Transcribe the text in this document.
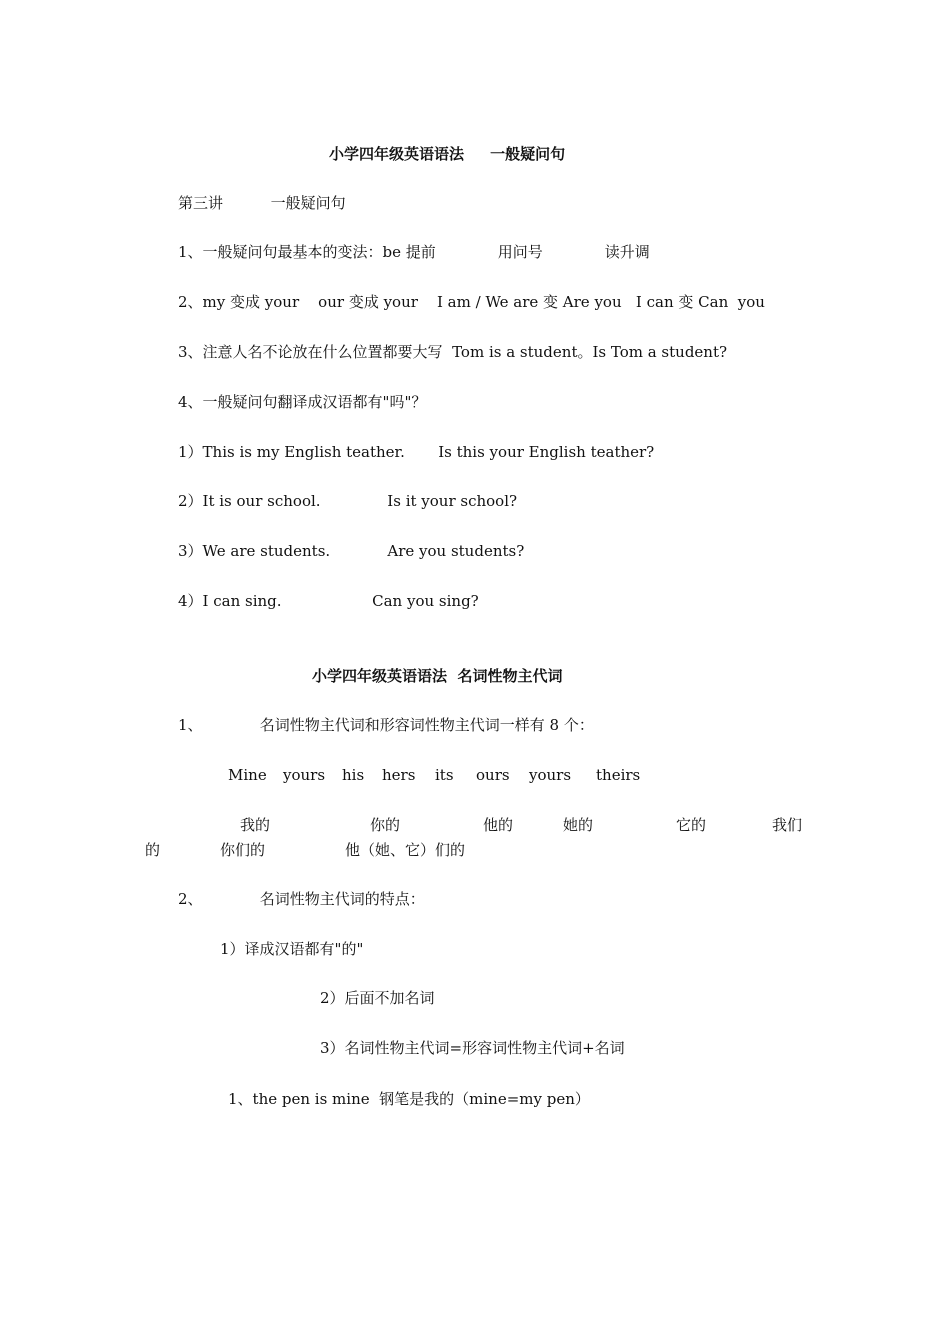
小学四年级英语语法     一般疑问句
第三讲          一般疑问句
1、一般疑问句最基本的变法：be 提前             用问号             读升调
2、my 变成 your    our 变成 your    I am / We are 变 Are you   I can 变 Can  you
3、注意人名不论放在什么位置都要大写  Tom is a student。Is Tom a student?
4、一般疑问句翻译成汉语都有"吗"？
1）This is my English teather.       Is this your English teather?
2）It is our school.              Is it your school?
3）We are students.            Are you students?
4）I can sing.                   Can you sing?
小学四年级英语语法  名词性物主代词
1、            名词性物主代词和形容词性物主代词一样有 8 个：
Mine yours his hers its ours yours theirs
我的	你的	他的	她的	它的	我们
的	你们的	他（她、它）们的
2、            名词性物主代词的特点：
1）译成汉语都有"的"
2）后面不加名词
3）名词性物主代词=形容词性物主代词+名词
1、the pen is mine  钢笔是我的（mine=my pen）
